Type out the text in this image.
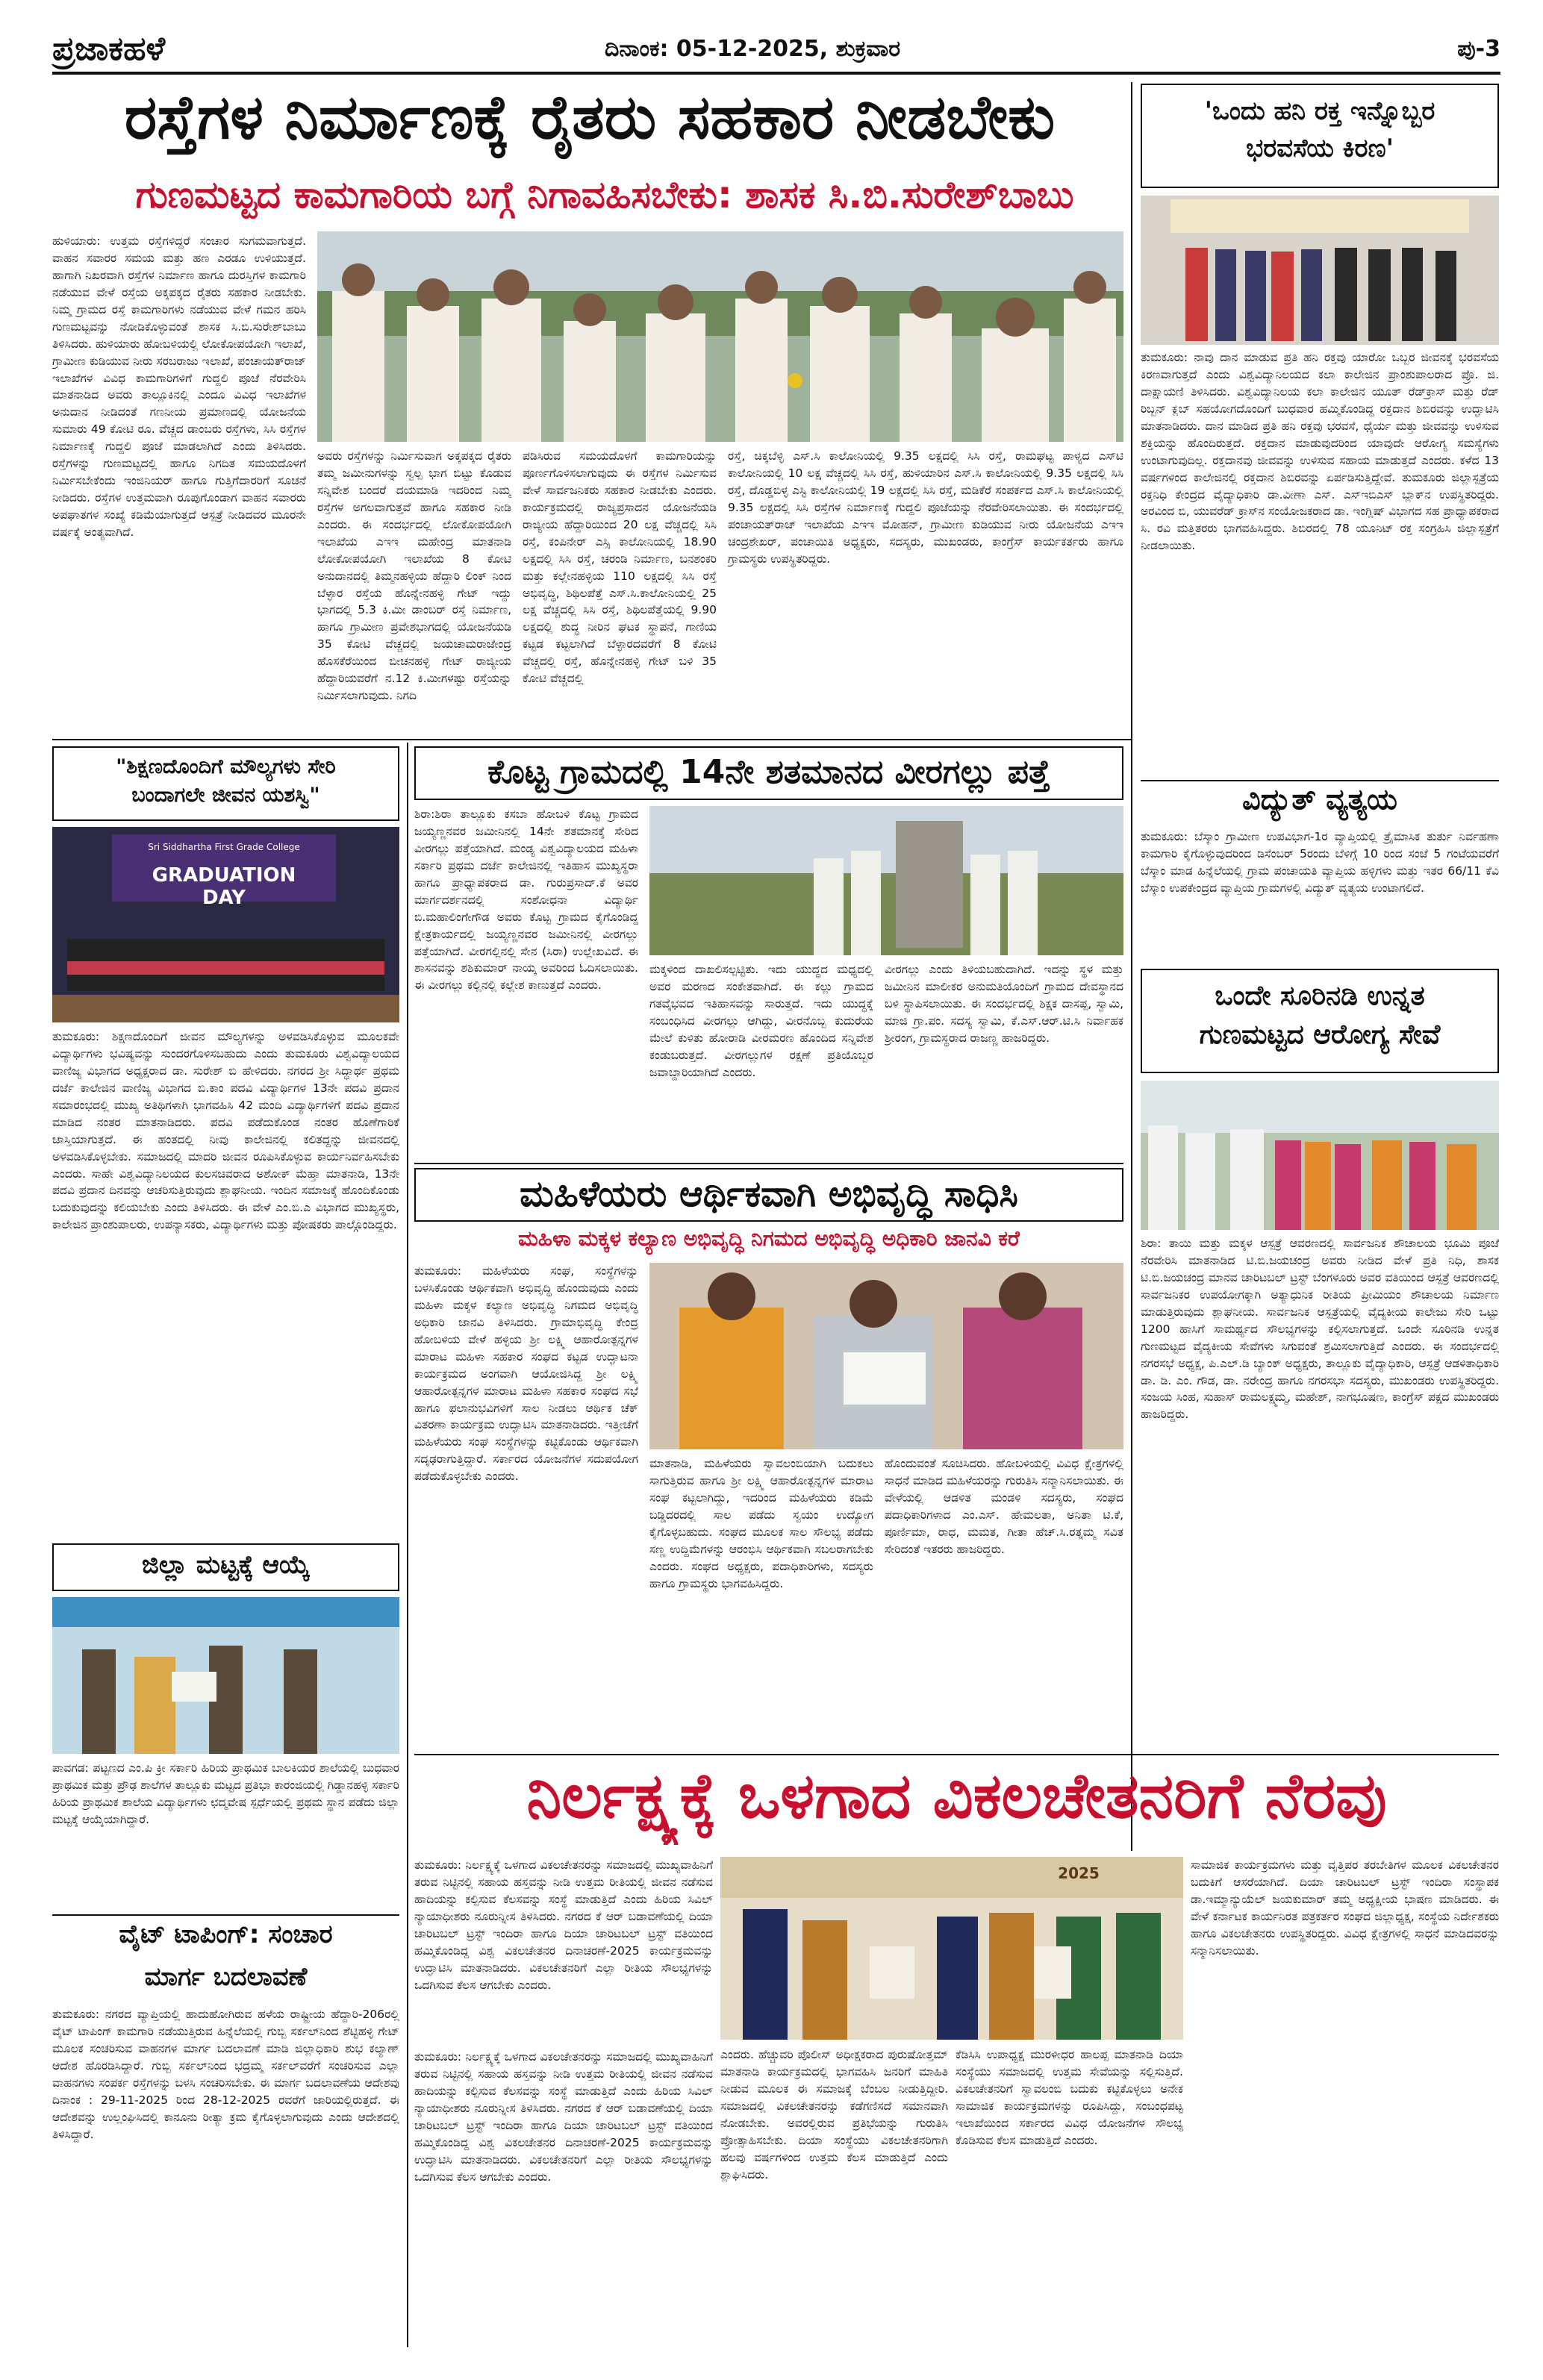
ಪ್ರಜಾಕಹಳೆ	ದಿನಾಂಕ: 05-12-2025, ಶುಕ್ರವಾರ	ಪು-3
ರಸ್ತೆಗಳ ನಿರ್ಮಾಣಕ್ಕೆ ರೈತರು ಸಹಕಾರ ನೀಡಬೇಕು
ಗುಣಮಟ್ಟದ ಕಾಮಗಾರಿಯ ಬಗ್ಗೆ ನಿಗಾವಹಿಸಬೇಕು: ಶಾಸಕ ಸಿ.ಬಿ.ಸುರೇಶ್‌ಬಾಬು
ಹುಳಿಯಾರು: ಉತ್ತಮ ರಸ್ತೆಗಳಿದ್ದರೆ ಸಂಚಾರ ಸುಗಮವಾಗುತ್ತದೆ. ವಾಹನ ಸವಾರರ ಸಮಯ ಮತ್ತು ಹಣ ಎರಡೂ ಉಳಿಯುತ್ತದೆ. ಹಾಗಾಗಿ ನಿಖರವಾಗಿ ರಸ್ತೆಗಳ ನಿರ್ಮಾಣ ಹಾಗೂ ದುರಸ್ತಿಗಳ ಕಾಮಗಾರಿ ನಡೆಯುವ ವೇಳೆ ರಸ್ತೆಯ ಅಕ್ಕಪಕ್ಕದ ರೈತರು ಸಹಕಾರ ನೀಡಬೇಕು. ನಿಮ್ಮ ಗ್ರಾಮದ ರಸ್ತೆ ಕಾಮಗಾರಿಗಳು ನಡೆಯುವ ವೇಳೆ ಗಮನ ಹರಿಸಿ ಗುಣಮಟ್ಟವನ್ನು ನೋಡಿಕೊಳ್ಳುವಂತೆ ಶಾಸಕ ಸಿ.ಬಿ.ಸುರೇಶ್‌ಬಾಬು ತಿಳಿಸಿದರು. ಹುಳಿಯಾರು ಹೋಬಳಿಯಲ್ಲಿ ಲೋಕೋಪಯೋಗಿ ಇಲಾಖೆ, ಗ್ರಾಮೀಣ ಕುಡಿಯುವ ನೀರು ಸರಬರಾಜು ಇಲಾಖೆ, ಪಂಚಾಯತ್‌ರಾಜ್ ಇಲಾಖೆಗಳ ವಿವಿಧ ಕಾಮಗಾರಿಗಳಿಗೆ ಗುದ್ದಲಿ ಪೂಜೆ ನೆರವೇರಿಸಿ ಮಾತನಾಡಿದ ಅವರು ತಾಲ್ಲೂಕಿನಲ್ಲಿ ಎಂದೂ ವಿವಿಧ ಇಲಾಖೆಗಳ ಅನುದಾನ ನೀಡಿದಂತೆ ಗಣನೀಯ ಪ್ರಮಾಣದಲ್ಲಿ ಯೋಜನೆಯ ಸುಮಾರು 49 ಕೋಟಿ ರೂ. ವೆಚ್ಚದ ಡಾಂಬರು ರಸ್ತೆಗಳು, ಸಿಸಿ ರಸ್ತೆಗಳ ನಿರ್ಮಾಣಕ್ಕೆ ಗುದ್ದಲಿ ಪೂಜೆ ಮಾಡಲಾಗಿದೆ ಎಂದು ತಿಳಿಸಿದರು. ರಸ್ತೆಗಳನ್ನು ಗುಣಮಟ್ಟದಲ್ಲಿ ಹಾಗೂ ನಿಗದಿತ ಸಮಯದೊಳಗೆ ನಿರ್ಮಿಸಬೇಕೆಂದು ಇಂಜಿನಿಯರ್ ಹಾಗೂ ಗುತ್ತಿಗೆದಾರರಿಗೆ ಸೂಚನೆ ನೀಡಿದರು. ರಸ್ತೆಗಳ ಉತ್ತಮವಾಗಿ ರೂಪುಗೊಂಡಾಗ ವಾಹನ ಸವಾರರು ಅಪಘಾತಗಳ ಸಂಖ್ಯೆ ಕಡಿಮೆಯಾಗುತ್ತದೆ ಆಸ್ಪತ್ರೆ ನೀಡಿದವರ ಮೂರನೇ ವರ್ಷಕ್ಕೆ ಅಂತ್ಯವಾಗಿದೆ.
ಅವರು ರಸ್ತೆಗಳನ್ನು ನಿರ್ಮಿಸುವಾಗ ಅಕ್ಕಪಕ್ಕದ ರೈತರು ತಮ್ಮ ಜಮೀನುಗಳನ್ನು ಸ್ವಲ್ಪ ಭಾಗ ಬಿಟ್ಟು ಕೊಡುವ ಸನ್ನಿವೇಶ ಬಂದರೆ ದಯಮಾಡಿ ಇದರಿಂದ ನಿಮ್ಮ ರಸ್ತೆಗಳ ಅಗಲವಾಗುತ್ತವೆ ಹಾಗೂ ಸಹಕಾರ ನೀಡಿ ಎಂದರು. ಈ ಸಂದರ್ಭದಲ್ಲಿ ಲೋಕೋಪಯೋಗಿ ಇಲಾಖೆಯ ಎಇಇ ಮಹೇಂದ್ರ ಮಾತನಾಡಿ ಲೋಕೋಪಯೋಗಿ ಇಲಾಖೆಯ 8 ಕೋಟಿ ಅನುದಾನದಲ್ಲಿ ತಿಮ್ಮನಹಳ್ಳಿಯ ಹೆದ್ದಾರಿ ಲಿಂಕ್ ನಿಂದ ಬೆಳ್ಳಾರ ರಸ್ತೆಯ ಹೊನ್ನೇನಹಳ್ಳಿ ಗೇಟ್ ಇದ್ದು ಭಾಗದಲ್ಲಿ 5.3 ಕಿ.ಮೀ ಡಾಂಬರ್ ರಸ್ತೆ ನಿರ್ಮಾಣ, ಹಾಗೂ ಗ್ರಾಮೀಣ ಪ್ರವೇಶಭಾಗದಲ್ಲಿ ಯೋಜನೆಯಡಿ 35 ಕೋಟಿ ವೆಚ್ಚದಲ್ಲಿ ಜಯಚಾಮರಾಜೇಂದ್ರ ಹೊಸಕೆರೆಯಿಂದ ಬೀಚನಹಳ್ಳಿ ಗೇಟ್ ರಾಜ್ಯೀಯ ಹೆದ್ದಾರಿಯವರೆಗೆ ನ.12 ಕಿ.ಮೀಗಳಷ್ಟು ರಸ್ತೆಯನ್ನು ನಿರ್ಮಿಸಲಾಗುವುದು. ನಿಗದಿ
ಪಡಿಸಿರುವ ಸಮಯದೊಳಗೆ ಕಾಮಗಾರಿಯನ್ನು ಪೂರ್ಣಗೊಳಿಸಲಾಗುವುದು ಈ ರಸ್ತೆಗಳ ನಿರ್ಮಿಸುವ ವೇಳೆ ಸಾರ್ವಜನಿಕರು ಸಹಕಾರ ನೀಡಬೇಕು ಎಂದರು. ಕಾರ್ಯಕ್ರಮದಲ್ಲಿ ರಾಜ್ಯಪ್ರಸಾದನ ಯೋಜನೆಯಡಿ ರಾಜ್ಯೀಯ ಹೆದ್ದಾರಿಯಿಂದ 20 ಲಕ್ಷ ವೆಚ್ಚದಲ್ಲಿ ಸಿಸಿ ರಸ್ತೆ, ಕಂಪಿನೇರ್ ಎಸ್ಸಿ ಕಾಲೋನಿಯಲ್ಲಿ 18.90 ಲಕ್ಷದಲ್ಲಿ ಸಿಸಿ ರಸ್ತೆ, ಚರಂಡಿ ನಿರ್ಮಾಣ, ಬನಶಂಕರಿ ಮತ್ತು ಕಲ್ಲೇನಹಳ್ಳಿಯ 110 ಲಕ್ಷದಲ್ಲಿ ಸಿಸಿ ರಸ್ತೆ ಅಭಿವೃದ್ಧಿ, ಶಿಥಿಲಪೆತ್ತೆ ಎಸ್.ಸಿ.ಕಾಲೋನಿಯಲ್ಲಿ 25 ಲಕ್ಷ ವೆಚ್ಚದಲ್ಲಿ ಸಿಸಿ ರಸ್ತೆ, ಶಿಥಿಲಪೆತ್ತೆಯಲ್ಲಿ 9.90 ಲಕ್ಷದಲ್ಲಿ ಶುದ್ಧ ನೀರಿನ ಘಟಕ ಸ್ಥಾಪನೆ, ಗಾಣಿಯ ಕಟ್ಟಡ ಕಟ್ಟಲಾಗಿದೆ ಬೆಳ್ಳಾರದವರೆಗೆ 8 ಕೋಟಿ ವೆಚ್ಚದಲ್ಲಿ ರಸ್ತೆ, ಹೊನ್ನೇನಹಳ್ಳಿ ಗೇಟ್ ಬಳಿ 35 ಕೋಟಿ ವೆಚ್ಚದಲ್ಲಿ
ರಸ್ತೆ, ಚಿಕ್ಕಬೆಳ್ಳಿ ಎಸ್.ಸಿ ಕಾಲೋನಿಯಲ್ಲಿ 9.35 ಲಕ್ಷದಲ್ಲಿ ಸಿಸಿ ರಸ್ತೆ, ರಾಮಘಟ್ಟ ಪಾಳ್ಯದ ಎಸ್‌ಟಿ ಕಾಲೋನಿಯಲ್ಲಿ 10 ಲಕ್ಷ ವೆಚ್ಚದಲ್ಲಿ ಸಿಸಿ ರಸ್ತೆ, ಹುಳಿಯಾರಿನ ಎಸ್.ಸಿ ಕಾಲೋನಿಯಲ್ಲಿ 9.35 ಲಕ್ಷದಲ್ಲಿ ಸಿಸಿ ರಸ್ತೆ, ದೊಡ್ಡಬಿಳ್ಳ ಎಸ್ಟಿ ಕಾಲೋನಿಯಲ್ಲಿ 19 ಲಕ್ಷದಲ್ಲಿ ಸಿಸಿ ರಸ್ತೆ, ಮಡಿಕೆರೆ ಸಂಪರ್ಕದ ಎಸ್.ಸಿ ಕಾಲೋನಿಯಲ್ಲಿ 9.35 ಲಕ್ಷದಲ್ಲಿ ಸಿಸಿ ರಸ್ತೆಗಳ ನಿರ್ಮಾಣಕ್ಕೆ ಗುದ್ದಲಿ ಪೂಜೆಯನ್ನು ನೆರವೇರಿಸಲಾಯಿತು. ಈ ಸಂದರ್ಭದಲ್ಲಿ ಪಂಚಾಯತ್‌ರಾಜ್ ಇಲಾಖೆಯ ಎಇಇ ಮೋಹನ್, ಗ್ರಾಮೀಣ ಕುಡಿಯುವ ನೀರು ಯೋಜನೆಯ ಎಇಇ ಚಂದ್ರಶೇಖರ್, ಪಂಚಾಯಿತಿ ಅಧ್ಯಕ್ಷರು, ಸದಸ್ಯರು, ಮುಖಂಡರು, ಕಾಂಗ್ರೆಸ್ ಕಾರ್ಯಕರ್ತರು ಹಾಗೂ ಗ್ರಾಮಸ್ಥರು ಉಪಸ್ಥಿತರಿದ್ದರು.
'ಒಂದು ಹನಿ ರಕ್ತ ಇನ್ನೊಬ್ಬರ
ಭರವಸೆಯ ಕಿರಣ'
ತುಮಕೂರು: ನಾವು ದಾನ ಮಾಡುವ ಪ್ರತಿ ಹನಿ ರಕ್ತವು ಯಾರೋ ಒಬ್ಬರ ಜೀವನಕ್ಕೆ ಭರವಸೆಯ ಕಿರಣವಾಗುತ್ತದೆ ಎಂದು ವಿಶ್ವವಿದ್ಯಾನಿಲಯದ ಕಲಾ ಕಾಲೇಜಿನ ಪ್ರಾಂಶುಪಾಲರಾದ ಪ್ರೊ. ಜಿ. ದಾಕ್ಷಾಯಣಿ ತಿಳಿಸಿದರು. ವಿಶ್ವವಿದ್ಯಾನಿಲಯ ಕಲಾ ಕಾಲೇಜಿನ ಯೂತ್ ರೆಡ್‌ಕ್ರಾಸ್ ಮತ್ತು ರೆಡ್ ರಿಬ್ಬನ್ ಕ್ಲಬ್ ಸಹಯೋಗದೊಂದಿಗೆ ಬುಧವಾರ ಹಮ್ಮಿಕೊಂಡಿದ್ದ ರಕ್ತದಾನ ಶಿಬಿರವನ್ನು ಉದ್ಘಾಟಿಸಿ ಮಾತನಾಡಿದರು. ದಾನ ಮಾಡಿದ ಪ್ರತಿ ಹನಿ ರಕ್ತವು ಭರವಸೆ, ಧೈರ್ಯ ಮತ್ತು ಜೀವವನ್ನು ಉಳಿಸುವ ಶಕ್ತಿಯನ್ನು ಹೊಂದಿರುತ್ತದೆ. ರಕ್ತದಾನ ಮಾಡುವುದರಿಂದ ಯಾವುದೇ ಆರೋಗ್ಯ ಸಮಸ್ಯೆಗಳು ಉಂಟಾಗುವುದಿಲ್ಲ. ರಕ್ತದಾನವು ಜೀವವನ್ನು ಉಳಿಸುವ ಸಹಾಯ ಮಾಡುತ್ತದೆ ಎಂದರು. ಕಳೆದ 13 ವರ್ಷಗಳಿಂದ ಕಾಲೇಜಿನಲ್ಲಿ ರಕ್ತದಾನ ಶಿಬಿರವನ್ನು ಏರ್ಪಡಿಸುತ್ತಿದ್ದೇವೆ. ತುಮಕೂರು ಜಿಲ್ಲಾಸ್ಪತ್ರೆಯ ರಕ್ತನಿಧಿ ಕೇಂದ್ರದ ವೈದ್ಯಾಧಿಕಾರಿ ಡಾ.ವೀಣಾ ಎಸ್. ಎಸ್‌ಇಬಿಎಸ್ ಬ್ಲಾಕ್‌ನ ಉಪಸ್ಥಿತರಿದ್ದರು. ಅರವಿಂದ ಬಿ, ಯುವರೆಡ್ ಕ್ರಾಸ್‌ನ ಸಂಯೋಜಕರಾದ ಡಾ. ಇಂಗ್ಲಿಷ್ ವಿಭಾಗದ ಸಹ ಪ್ರಾಧ್ಯಾಪಕರಾದ ಸಿ. ರವಿ ಮತ್ತಿತರರು ಭಾಗವಹಿಸಿದ್ದರು. ಶಿಬಿರದಲ್ಲಿ 78 ಯೂನಿಟ್ ರಕ್ತ ಸಂಗ್ರಹಿಸಿ ಜಿಲ್ಲಾಸ್ಪತ್ರೆಗೆ ನೀಡಲಾಯಿತು.
ವಿದ್ಯುತ್ ವ್ಯತ್ಯಯ
ತುಮಕೂರು: ಬೆಸ್ಕಾಂ ಗ್ರಾಮೀಣ ಉಪವಿಭಾಗ-1ರ ವ್ಯಾಪ್ತಿಯಲ್ಲಿ ತ್ರೈಮಾಸಿಕ ತುರ್ತು ನಿರ್ವಹಣಾ ಕಾಮಗಾರಿ ಕೈಗೊಳ್ಳುವುದರಿಂದ ಡಿಸೆಂಬರ್ 5ರಂದು ಬೆಳಿಗ್ಗೆ 10 ರಿಂದ ಸಂಜೆ 5 ಗಂಟೆಯವರೆಗೆ ಬೆಸ್ಕಾಂ ಮಾಡ ಹಿನ್ನೆಲೆಯಲ್ಲಿ ಗ್ರಾಮ ಪಂಚಾಯತಿ ವ್ಯಾಪ್ತಿಯ ಹಳ್ಳಿಗಳು ಮತ್ತು ಇತರ 66/11 ಕೆವಿ ಬೆಸ್ಕಾಂ ಉಪಕೇಂದ್ರದ ವ್ಯಾಪ್ತಿಯ ಗ್ರಾಮಗಳಲ್ಲಿ ವಿದ್ಯುತ್ ವ್ಯತ್ಯಯ ಉಂಟಾಗಲಿದೆ.
ಒಂದೇ ಸೂರಿನಡಿ ಉನ್ನತ
ಗುಣಮಟ್ಟದ ಆರೋಗ್ಯ ಸೇವೆ
ಶಿರಾ: ತಾಯಿ ಮತ್ತು ಮಕ್ಕಳ ಆಸ್ಪತ್ರೆ ಆವರಣದಲ್ಲಿ ಸಾರ್ವಜನಿಕ ಶೌಚಾಲಯ ಭೂಮಿ ಪೂಜೆ ನೆರವೇರಿಸಿ ಮಾತನಾಡಿದ ಟಿ.ಬಿ.ಜಯಚಂದ್ರ ಅವರು ನೀಡಿದ ವೇಳೆ ಪ್ರತಿ ನಿಧಿ, ಶಾಸಕ ಟಿ.ಬಿ.ಜಯಚಂದ್ರ ಮಾನವ ಚಾರಿಟಬಲ್ ಟ್ರಸ್ಟ್ ಬೆಂಗಳೂರು ಅವರ ವತಿಯಿಂದ ಆಸ್ಪತ್ರೆ ಆವರಣದಲ್ಲಿ ಸಾರ್ವಜನಿಕರ ಉಪಯೋಗಕ್ಕಾಗಿ ಅತ್ಯಾಧುನಿಕ ರೀತಿಯ ಪ್ರೀಮಿಯಂ ಶೌಚಾಲಯ ನಿರ್ಮಾಣ ಮಾಡುತ್ತಿರುವುದು ಶ್ಲಾಘನೀಯ. ಸಾರ್ವಜನಿಕ ಆಸ್ಪತ್ರೆಯಲ್ಲಿ ವೈದ್ಯಕೀಯ ಕಾಲೇಜು ಸೇರಿ ಒಟ್ಟು 1200 ಹಾಸಿಗೆ ಸಾಮರ್ಥ್ಯದ ಸೌಲಭ್ಯಗಳನ್ನು ಕಲ್ಪಿಸಲಾಗುತ್ತದೆ. ಒಂದೇ ಸೂರಿನಡಿ ಉನ್ನತ ಗುಣಮಟ್ಟದ ವೈದ್ಯಕೀಯ ಸೇವೆಗಳು ಸಿಗುವಂತೆ ಶ್ರಮಿಸಲಾಗುತ್ತಿದೆ ಎಂದರು. ಈ ಸಂದರ್ಭದಲ್ಲಿ ನಗರಸಭೆ ಅಧ್ಯಕ್ಷ, ಪಿ.ಎಲ್.ಡಿ ಬ್ಯಾಂಕ್ ಅಧ್ಯಕ್ಷರು, ತಾಲ್ಲೂಕು ವೈದ್ಯಾಧಿಕಾರಿ, ಆಸ್ಪತ್ರೆ ಆಡಳಿತಾಧಿಕಾರಿ ಡಾ. ಡಿ. ಎಂ. ಗೌಡ, ಡಾ. ನರೇಂದ್ರ ಹಾಗೂ ನಗರಸಭಾ ಸದಸ್ಯರು, ಮುಖಂಡರು ಉಪಸ್ಥಿತರಿದ್ದರು. ಸಂಜಯ ಸಿಂಹ, ಸುಹಾಸ್ ರಾಮಲಕ್ಷ್ಮಮ್ಮ, ಮಹೇಶ್, ನಾಗಭೂಷಣ, ಕಾಂಗ್ರೆಸ್ ಪಕ್ಷದ ಮುಖಂಡರು ಹಾಜರಿದ್ದರು.
"ಶಿಕ್ಷಣದೊಂದಿಗೆ ಮೌಲ್ಯಗಳು ಸೇರಿ
ಬಂದಾಗಲೇ ಜೀವನ ಯಶಸ್ವಿ"
Sri Siddhartha First Grade College
GRADUATION DAY
ತುಮಕೂರು: ಶಿಕ್ಷಣದೊಂದಿಗೆ ಜೀವನ ಮೌಲ್ಯಗಳನ್ನು ಅಳವಡಿಸಿಕೊಳ್ಳುವ ಮೂಲಕವೇ ವಿದ್ಯಾರ್ಥಿಗಳು ಭವಿಷ್ಯವನ್ನು ಸುಂದರಗೊಳಿಸಬಹುದು ಎಂದು ತುಮಕೂರು ವಿಶ್ವವಿದ್ಯಾಲಯದ ವಾಣಿಜ್ಯ ವಿಭಾಗದ ಅಧ್ಯಕ್ಷರಾದ ಡಾ. ಸುರೇಶ್ ಬಿ ಹೇಳಿದರು. ನಗರದ ಶ್ರೀ ಸಿದ್ಧಾರ್ಥ ಪ್ರಥಮ ದರ್ಜೆ ಕಾಲೇಜಿನ ವಾಣಿಜ್ಯ ವಿಭಾಗದ ಬಿ.ಕಾಂ ಪದವಿ ವಿದ್ಯಾರ್ಥಿಗಳ 13ನೇ ಪದವಿ ಪ್ರದಾನ ಸಮಾರಂಭದಲ್ಲಿ ಮುಖ್ಯ ಅತಿಥಿಗಳಾಗಿ ಭಾಗವಹಿಸಿ 42 ಮಂದಿ ವಿದ್ಯಾರ್ಥಿಗಳಿಗೆ ಪದವಿ ಪ್ರದಾನ ಮಾಡಿದ ನಂತರ ಮಾತನಾಡಿದರು. ಪದವಿ ಪಡೆದುಕೊಂಡ ನಂತರ ಹೊಣೆಗಾರಿಕೆ ಜಾಸ್ತಿಯಾಗುತ್ತದೆ. ಈ ಹಂತದಲ್ಲಿ ನೀವು ಕಾಲೇಜಿನಲ್ಲಿ ಕಲಿತದ್ದನ್ನು ಜೀವನದಲ್ಲಿ ಅಳವಡಿಸಿಕೊಳ್ಳಬೇಕು. ಸಮಾಜದಲ್ಲಿ ಮಾದರಿ ಜೀವನ ರೂಪಿಸಿಕೊಳ್ಳುವ ಕಾರ್ಯನಿರ್ವಹಿಸಬೇಕು ಎಂದರು. ಸಾಹೇ ವಿಶ್ವವಿದ್ಯಾನಿಲಯದ ಕುಲಸಚಿವರಾದ ಅಶೋಕ್ ಮೆಹ್ತಾ ಮಾತನಾಡಿ, 13ನೇ ಪದವಿ ಪ್ರದಾನ ದಿನವನ್ನು ಆಚರಿಸುತ್ತಿರುವುದು ಶ್ಲಾಘನೀಯ. ಇಂದಿನ ಸಮಾಜಕ್ಕೆ ಹೊಂದಿಕೊಂಡು ಬದುಕುವುದನ್ನು ಕಲಿಯಬೇಕು ಎಂದು ತಿಳಿಸಿದರು. ಈ ವೇಳೆ ಎಂ.ಬಿ.ಎ ವಿಭಾಗದ ಮುಖ್ಯಸ್ಥರು, ಕಾಲೇಜಿನ ಪ್ರಾಂಶುಪಾಲರು, ಉಪನ್ಯಾಸಕರು, ವಿದ್ಯಾರ್ಥಿಗಳು ಮತ್ತು ಪೋಷಕರು ಪಾಲ್ಗೊಂಡಿದ್ದರು.
ಜಿಲ್ಲಾ ಮಟ್ಟಕ್ಕೆ ಆಯ್ಕೆ
ಪಾವಗಡ: ಪಟ್ಟಣದ ಎಂ.ಪಿ ಕ್ರೀ ಸರ್ಕಾರಿ ಹಿರಿಯ ಪ್ರಾಥಮಿಕ ಬಾಲಕಿಯರ ಶಾಲೆಯಲ್ಲಿ ಬುಧವಾರ ಪ್ರಾಥಮಿಕ ಮತ್ತು ಪ್ರೌಢ ಶಾಲೆಗಳ ತಾಲ್ಲೂಕು ಮಟ್ಟದ ಪ್ರತಿಭಾ ಕಾರಂಜಿಯಲ್ಲಿ ಗಿಡ್ಡಾನಹಳ್ಳಿ ಸರ್ಕಾರಿ ಹಿರಿಯ ಪ್ರಾಥಮಿಕ ಶಾಲೆಯ ವಿದ್ಯಾರ್ಥಿಗಳು ಛದ್ಮವೇಷ ಸ್ಪರ್ಧೆಯಲ್ಲಿ ಪ್ರಥಮ ಸ್ಥಾನ ಪಡೆದು ಜಿಲ್ಲಾ ಮಟ್ಟಕ್ಕೆ ಆಯ್ಕೆಯಾಗಿದ್ದಾರೆ.
ವೈಟ್ ಟಾಪಿಂಗ್: ಸಂಚಾರ
ಮಾರ್ಗ ಬದಲಾವಣೆ
ತುಮಕೂರು: ನಗರದ ವ್ಯಾಪ್ತಿಯಲ್ಲಿ ಹಾದುಹೋಗಿರುವ ಹಳೆಯ ರಾಷ್ಟ್ರೀಯ ಹೆದ್ದಾರಿ-206ರಲ್ಲಿ ವೈಟ್ ಟಾಪಿಂಗ್ ಕಾಮಗಾರಿ ನಡೆಯುತ್ತಿರುವ ಹಿನ್ನೆಲೆಯಲ್ಲಿ ಗುಬ್ಬಿ ಸರ್ಕಲ್‌ನಿಂದ ಶೆಟ್ಟಿಹಳ್ಳಿ ಗೇಟ್ ಮೂಲಕ ಸಂಚರಿಸುವ ವಾಹನಗಳ ಮಾರ್ಗ ಬದಲಾವಣೆ ಮಾಡಿ ಜಿಲ್ಲಾಧಿಕಾರಿ ಶುಭ ಕಲ್ಯಾಣ್ ಆದೇಶ ಹೊರಡಿಸಿದ್ದಾರೆ. ಗುಬ್ಬಿ ಸರ್ಕಲ್‌ನಿಂದ ಭದ್ರಮ್ಮ ಸರ್ಕಲ್‌ವರೆಗೆ ಸಂಚರಿಸುವ ಎಲ್ಲಾ ವಾಹನಗಳು ಸಂಪರ್ಕ ರಸ್ತೆಗಳನ್ನು ಬಳಸಿ ಸಂಚರಿಸಬೇಕು. ಈ ಮಾರ್ಗ ಬದಲಾವಣೆಯ ಆದೇಶವು ದಿನಾಂಕ : 29-11-2025 ರಿಂದ 28-12-2025 ರವರೆಗೆ ಜಾರಿಯಲ್ಲಿರುತ್ತದೆ. ಈ ಆದೇಶವನ್ನು ಉಲ್ಲಂಘಿಸಿದಲ್ಲಿ ಕಾನೂನು ರೀತ್ಯಾ ಕ್ರಮ ಕೈಗೊಳ್ಳಲಾಗುವುದು ಎಂದು ಆದೇಶದಲ್ಲಿ ತಿಳಿಸಿದ್ದಾರೆ.
ಕೊಟ್ಟ ಗ್ರಾಮದಲ್ಲಿ 14ನೇ ಶತಮಾನದ ವೀರಗಲ್ಲು ಪತ್ತೆ
ಶಿರಾ:ಶಿರಾ ತಾಲ್ಲೂಕು ಕಸಬಾ ಹೋಬಳಿ ಕೊಟ್ಟ ಗ್ರಾಮದ ಜಯ್ಯಣ್ಣನವರ ಜಮೀನಿನಲ್ಲಿ 14ನೇ ಶತಮಾನಕ್ಕೆ ಸೇರಿದ ವೀರಗಲ್ಲು ಪತ್ತೆಯಾಗಿದೆ. ಮಂಡ್ಯ ವಿಶ್ವವಿದ್ಯಾಲಯದ ಮಹಿಳಾ ಸರ್ಕಾರಿ ಪ್ರಥಮ ದರ್ಜೆ ಕಾಲೇಜಿನಲ್ಲಿ ಇತಿಹಾಸ ಮುಖ್ಯಸ್ಥರಾ ಹಾಗೂ ಪ್ರಾಧ್ಯಾಪಕರಾದ ಡಾ. ಗುರುಪ್ರಸಾದ್.ಕೆ ಅವರ ಮಾರ್ಗದರ್ಶನದಲ್ಲಿ ಸಂಶೋಧನಾ ವಿದ್ಯಾರ್ಥಿ ಬಿ.ಮಹಾಲಿಂಗೇಗೌಡ ಅವರು ಕೊಟ್ಟ ಗ್ರಾಮದ ಕೈಗೊಂಡಿದ್ದ ಕ್ಷೇತ್ರಕಾರ್ಯದಲ್ಲಿ ಜಯ್ಯಣ್ಣನವರ ಜಮೀನಿನಲ್ಲಿ ವೀರಗಲ್ಲು ಪತ್ತೆಯಾಗಿದೆ. ವೀರಗಲ್ಲಿನಲ್ಲಿ ಸೇನ (ಸಿರಾ) ಉಲ್ಲೇಖವಿದೆ. ಈ ಶಾಸನವನ್ನು ಶಶಿಕುಮಾರ್ ನಾಯ್ಕ ಅವರಿಂದ ಓದಿಸಲಾಯಿತು. ಈ ವೀರಗಲ್ಲು ಕಲ್ಲಿನಲ್ಲಿ ಕಲ್ಲೇಶ ಕಾಣುತ್ತದೆ ಎಂದರು.
ಮಕ್ಕಳಿಂದ ದಾಖಲಿಸಲ್ಪಟ್ಟಿತು. ಇದು ಯುದ್ಧದ ಮಧ್ಯದಲ್ಲಿ ಅವರ ಮರಣದ ಸಂಕೇತವಾಗಿದೆ. ಈ ಕಲ್ಲು ಗ್ರಾಮದ ಗತವೈಭವದ ಇತಿಹಾಸವನ್ನು ಸಾರುತ್ತದೆ. ಇದು ಯುದ್ಧಕ್ಕೆ ಸಂಬಂಧಿಸಿದ ವೀರಗಲ್ಲು ಆಗಿದ್ದು, ವೀರನೊಬ್ಬ ಕುದುರೆಯ ಮೇಲೆ ಕುಳಿತು ಹೋರಾಡಿ ವೀರಮರಣ ಹೊಂದಿದ ಸನ್ನಿವೇಶ ಕಂಡುಬರುತ್ತದೆ. ವೀರಗಲ್ಲುಗಳ ರಕ್ಷಣೆ ಪ್ರತಿಯೊಬ್ಬರ ಜವಾಬ್ದಾರಿಯಾಗಿದೆ ಎಂದರು.
ವೀರಗಲ್ಲು ಎಂದು ತಿಳಿಯಬಹುದಾಗಿದೆ. ಇದನ್ನು ಸ್ಥಳ ಮತ್ತು ಜಮೀನಿನ ಮಾಲೀಕರ ಅನುಮತಿಯೊಂದಿಗೆ ಗ್ರಾಮದ ದೇವಸ್ಥಾನದ ಬಳಿ ಸ್ಥಾಪಿಸಲಾಯಿತು. ಈ ಸಂದರ್ಭದಲ್ಲಿ ಶಿಕ್ಷಕ ದಾಸಪ್ಪ, ಸ್ವಾಮಿ, ಮಾಜಿ ಗ್ರಾ.ಪಂ. ಸದಸ್ಯ ಸ್ವಾಮಿ, ಕೆ.ಎಸ್.ಆರ್.ಟಿ.ಸಿ ನಿರ್ವಾಹಕ ಶ್ರೀರಂಗ, ಗ್ರಾಮಸ್ಥರಾದ ರಾಜಣ್ಣ ಹಾಜರಿದ್ದರು.
ಮಹಿಳೆಯರು ಆರ್ಥಿಕವಾಗಿ ಅಭಿವೃದ್ಧಿ ಸಾಧಿಸಿ
ಮಹಿಳಾ ಮಕ್ಕಳ ಕಲ್ಯಾಣ ಅಭಿವೃದ್ಧಿ ನಿಗಮದ ಅಭಿವೃದ್ಧಿ ಅಧಿಕಾರಿ ಜಾನವಿ ಕರೆ
ತುಮಕೂರು: ಮಹಿಳೆಯರು ಸಂಘ, ಸಂಸ್ಥೆಗಳನ್ನು ಬಳಸಿಕೊಂಡು ಆರ್ಥಿಕವಾಗಿ ಅಭಿವೃದ್ಧಿ ಹೊಂದುವುದು ಎಂದು ಮಹಿಳಾ ಮಕ್ಕಳ ಕಲ್ಯಾಣ ಅಭಿವೃದ್ಧಿ ನಿಗಮದ ಅಭಿವೃದ್ಧಿ ಅಧಿಕಾರಿ ಜಾನವಿ ತಿಳಿಸಿದರು. ಗ್ರಾಮಾಭಿವೃದ್ಧಿ ಕೇಂದ್ರ ಹೋಬಳಿಯ ವೇಳೆ ಹಳ್ಳಿಯ ಶ್ರೀ ಲಕ್ಷ್ಮಿ ಆಹಾರೋತ್ಪನ್ನಗಳ ಮಾರಾಟ ಮಹಿಳಾ ಸಹಕಾರ ಸಂಘದ ಕಟ್ಟಡ ಉದ್ಘಾಟನಾ ಕಾರ್ಯಕ್ರಮದ ಅಂಗವಾಗಿ ಆಯೋಜಿಸಿದ್ದ ಶ್ರೀ ಲಕ್ಷ್ಮಿ ಆಹಾರೋತ್ಪನ್ನಗಳ ಮಾರಾಟ ಮಹಿಳಾ ಸಹಕಾರ ಸಂಘದ ಸಭೆ ಹಾಗೂ ಫಲಾನುಭವಿಗಳಿಗೆ ಸಾಲ ನೀಡಲು ಆರ್ಥಿಕ ಚೆಕ್ ವಿತರಣಾ ಕಾರ್ಯಕ್ರಮ ಉದ್ಘಾಟಿಸಿ ಮಾತನಾಡಿದರು. ಇತ್ತೀಚೆಗೆ ಮಹಿಳೆಯರು ಸಂಘ ಸಂಸ್ಥೆಗಳನ್ನು ಕಟ್ಟಿಕೊಂಡು ಆರ್ಥಿಕವಾಗಿ ಸದೃಢರಾಗುತ್ತಿದ್ದಾರೆ. ಸರ್ಕಾರದ ಯೋಜನೆಗಳ ಸದುಪಯೋಗ ಪಡೆದುಕೊಳ್ಳಬೇಕು ಎಂದರು.
ಮಾತನಾಡಿ, ಮಹಿಳೆಯರು ಸ್ವಾವಲಂಬಿಯಾಗಿ ಬದುಕಲು ಸಾಗುತ್ತಿರುವ ಹಾಗೂ ಶ್ರೀ ಲಕ್ಷ್ಮಿ ಆಹಾರೋತ್ಪನ್ನಗಳ ಮಾರಾಟ ಸಂಘ ಕಟ್ಟಲಾಗಿದ್ದು, ಇದರಿಂದ ಮಹಿಳೆಯರು ಕಡಿಮೆ ಬಡ್ಡಿದರದಲ್ಲಿ ಸಾಲ ಪಡೆದು ಸ್ವಯಂ ಉದ್ಯೋಗ ಕೈಗೊಳ್ಳಬಹುದು. ಸಂಘದ ಮೂಲಕ ಸಾಲ ಸೌಲಭ್ಯ ಪಡೆದು ಸಣ್ಣ ಉದ್ದಿಮೆಗಳನ್ನು ಆರಂಭಿಸಿ ಆರ್ಥಿಕವಾಗಿ ಸಬಲರಾಗಬೇಕು ಎಂದರು. ಸಂಘದ ಅಧ್ಯಕ್ಷರು, ಪದಾಧಿಕಾರಿಗಳು, ಸದಸ್ಯರು ಹಾಗೂ ಗ್ರಾಮಸ್ಥರು ಭಾಗವಹಿಸಿದ್ದರು.
ಹೊಂದುವಂತೆ ಸೂಚಿಸಿದರು. ಹೋಬಳಿಯಲ್ಲಿ ವಿವಿಧ ಕ್ಷೇತ್ರಗಳಲ್ಲಿ ಸಾಧನೆ ಮಾಡಿದ ಮಹಿಳೆಯರನ್ನು ಗುರುತಿಸಿ ಸನ್ಮಾನಿಸಲಾಯಿತು. ಈ ವೇಳೆಯಲ್ಲಿ ಆಡಳಿತ ಮಂಡಳಿ ಸದಸ್ಯರು, ಸಂಘದ ಪದಾಧಿಕಾರಿಗಳಾದ ಎಂ.ಎಸ್. ಹೇಮಲತಾ, ಅನಿತಾ ಟಿ.ಕೆ, ಪೂರ್ಣಿಮಾ, ರಾಧ, ಮಮತ, ಗೀತಾ ಹೆಚ್.ಸಿ.ರತ್ನಮ್ಮ ಸವಿತ ಸೇರಿದಂತೆ ಇತರರು ಹಾಜರಿದ್ದರು.
ನಿರ್ಲಕ್ಷ್ಯಕ್ಕೆ ಒಳಗಾದ ವಿಕಲಚೇತನರಿಗೆ ನೆರವು
ತುಮಕೂರು: ನಿರ್ಲಕ್ಷ್ಯಕ್ಕೆ ಒಳಗಾದ ವಿಕಲಚೇತನರನ್ನು ಸಮಾಜದಲ್ಲಿ ಮುಖ್ಯವಾಹಿನಿಗೆ ತರುವ ನಿಟ್ಟಿನಲ್ಲಿ ಸಹಾಯ ಹಸ್ತವನ್ನು ನೀಡಿ ಉತ್ತಮ ರೀತಿಯಲ್ಲಿ ಜೀವನ ನಡೆಸುವ ಹಾದಿಯನ್ನು ಕಲ್ಪಿಸುವ ಕೆಲಸವನ್ನು ಸಂಸ್ಥೆ ಮಾಡುತ್ತಿದೆ ಎಂದು ಹಿರಿಯ ಸಿವಿಲ್ ನ್ಯಾಯಾಧೀಶರು ನೂರುನ್ನೀಸ ತಿಳಿಸಿದರು. ನಗರದ ಕೆ ಆರ್ ಬಡಾವಣೆಯಲ್ಲಿ ದಿಯಾ ಚಾರಿಟಬಲ್ ಟ್ರಸ್ಟ್ ಇಂದಿರಾ ಹಾಗೂ ದಿಯಾ ಚಾರಿಟಬಲ್ ಟ್ರಸ್ಟ್ ವತಿಯಿಂದ ಹಮ್ಮಿಕೊಂಡಿದ್ದ ವಿಶ್ವ ವಿಕಲಚೇತನರ ದಿನಾಚರಣೆ-2025 ಕಾರ್ಯಕ್ರಮವನ್ನು ಉದ್ಘಾಟಿಸಿ ಮಾತನಾಡಿದರು. ವಿಕಲಚೇತನರಿಗೆ ಎಲ್ಲಾ ರೀತಿಯ ಸೌಲಭ್ಯಗಳನ್ನು ಒದಗಿಸುವ ಕೆಲಸ ಆಗಬೇಕು ಎಂದರು.
2025	ಸಾಮಾಜಿಕ ಕಾರ್ಯಕ್ರಮಗಳು ಮತ್ತು ವೃತ್ತಿಪರ ತರಬೇತಿಗಳ ಮೂಲಕ ವಿಕಲಚೇತನರ ಬದುಕಿಗೆ ಆಸರೆಯಾಗಿದೆ. ದಿಯಾ ಚಾರಿಟಬಲ್ ಟ್ರಸ್ಟ್ ಇಂದಿರಾ ಸಂಸ್ಥಾಪಕ ಡಾ.ಇಮ್ಮಾನ್ಯುಯೆಲ್ ಜಯಕುಮಾರ್ ತಮ್ಮ ಅಧ್ಯಕ್ಷೀಯ ಭಾಷಣ ಮಾಡಿದರು. ಈ ವೇಳೆ ಕರ್ನಾಟಕ ಕಾರ್ಯನಿರತ ಪತ್ರಕರ್ತರ ಸಂಘದ ಜಿಲ್ಲಾಧ್ಯಕ್ಷ, ಸಂಸ್ಥೆಯ ನಿರ್ದೇಶಕರು ಹಾಗೂ ವಿಕಲಚೇತನರು ಉಪಸ್ಥಿತರಿದ್ದರು. ವಿವಿಧ ಕ್ಷೇತ್ರಗಳಲ್ಲಿ ಸಾಧನೆ ಮಾಡಿದವರನ್ನು ಸನ್ಮಾನಿಸಲಾಯಿತು.
ತುಮಕೂರು: ನಿರ್ಲಕ್ಷ್ಯಕ್ಕೆ ಒಳಗಾದ ವಿಕಲಚೇತನರನ್ನು ಸಮಾಜದಲ್ಲಿ ಮುಖ್ಯವಾಹಿನಿಗೆ ತರುವ ನಿಟ್ಟಿನಲ್ಲಿ ಸಹಾಯ ಹಸ್ತವನ್ನು ನೀಡಿ ಉತ್ತಮ ರೀತಿಯಲ್ಲಿ ಜೀವನ ನಡೆಸುವ ಹಾದಿಯನ್ನು ಕಲ್ಪಿಸುವ ಕೆಲಸವನ್ನು ಸಂಸ್ಥೆ ಮಾಡುತ್ತಿದೆ ಎಂದು ಹಿರಿಯ ಸಿವಿಲ್ ನ್ಯಾಯಾಧೀಶರು ನೂರುನ್ನೀಸ ತಿಳಿಸಿದರು. ನಗರದ ಕೆ ಆರ್ ಬಡಾವಣೆಯಲ್ಲಿ ದಿಯಾ ಚಾರಿಟಬಲ್ ಟ್ರಸ್ಟ್ ಇಂದಿರಾ ಹಾಗೂ ದಿಯಾ ಚಾರಿಟಬಲ್ ಟ್ರಸ್ಟ್ ವತಿಯಿಂದ ಹಮ್ಮಿಕೊಂಡಿದ್ದ ವಿಶ್ವ ವಿಕಲಚೇತನರ ದಿನಾಚರಣೆ-2025 ಕಾರ್ಯಕ್ರಮವನ್ನು ಉದ್ಘಾಟಿಸಿ ಮಾತನಾಡಿದರು. ವಿಕಲಚೇತನರಿಗೆ ಎಲ್ಲಾ ರೀತಿಯ ಸೌಲಭ್ಯಗಳನ್ನು ಒದಗಿಸುವ ಕೆಲಸ ಆಗಬೇಕು ಎಂದರು.
ಎಂದರು. ಹೆಚ್ಚುವರಿ ಪೊಲೀಸ್ ಅಧೀಕ್ಷಕರಾದ ಪುರುಷೋತ್ತಮ್ ಮಾತನಾಡಿ ಕಾರ್ಯಕ್ರಮದಲ್ಲಿ ಭಾಗವಹಿಸಿ ಜನರಿಗೆ ಮಾಹಿತಿ ನೀಡುವ ಮೂಲಕ ಈ ಸಮಾಜಕ್ಕೆ ಬೆಂಬಲ ನೀಡುತ್ತಿದ್ದೀರಿ. ಸಮಾಜದಲ್ಲಿ ವಿಕಲಚೇತನರನ್ನು ಕಡೆಗಣಿಸದೆ ಸಮಾನವಾಗಿ ನೋಡಬೇಕು. ಅವರಲ್ಲಿರುವ ಪ್ರತಿಭೆಯನ್ನು ಗುರುತಿಸಿ ಪ್ರೋತ್ಸಾಹಿಸಬೇಕು. ದಿಯಾ ಸಂಸ್ಥೆಯು ವಿಕಲಚೇತನರಿಗಾಗಿ ಹಲವು ವರ್ಷಗಳಿಂದ ಉತ್ತಮ ಕೆಲಸ ಮಾಡುತ್ತಿದೆ ಎಂದು ಶ್ಲಾಘಿಸಿದರು.
ಕೆಡಿಸಿಸಿ ಉಪಾಧ್ಯಕ್ಷ ಮುರಳೀಧರ ಹಾಲಪ್ಪ ಮಾತನಾಡಿ ದಿಯಾ ಸಂಸ್ಥೆಯು ಸಮಾಜದಲ್ಲಿ ಉತ್ತಮ ಸೇವೆಯನ್ನು ಸಲ್ಲಿಸುತ್ತಿದೆ. ವಿಕಲಚೇತನರಿಗೆ ಸ್ವಾವಲಂಬಿ ಬದುಕು ಕಟ್ಟಿಕೊಳ್ಳಲು ಅನೇಕ ಸಾಮಾಜಿಕ ಕಾರ್ಯಕ್ರಮಗಳನ್ನು ರೂಪಿಸಿದ್ದು, ಸಂಬಂಧಪಟ್ಟ ಇಲಾಖೆಯಿಂದ ಸರ್ಕಾರದ ವಿವಿಧ ಯೋಜನೆಗಳ ಸೌಲಭ್ಯ ಕೊಡಿಸುವ ಕೆಲಸ ಮಾಡುತ್ತಿದೆ ಎಂದರು.
